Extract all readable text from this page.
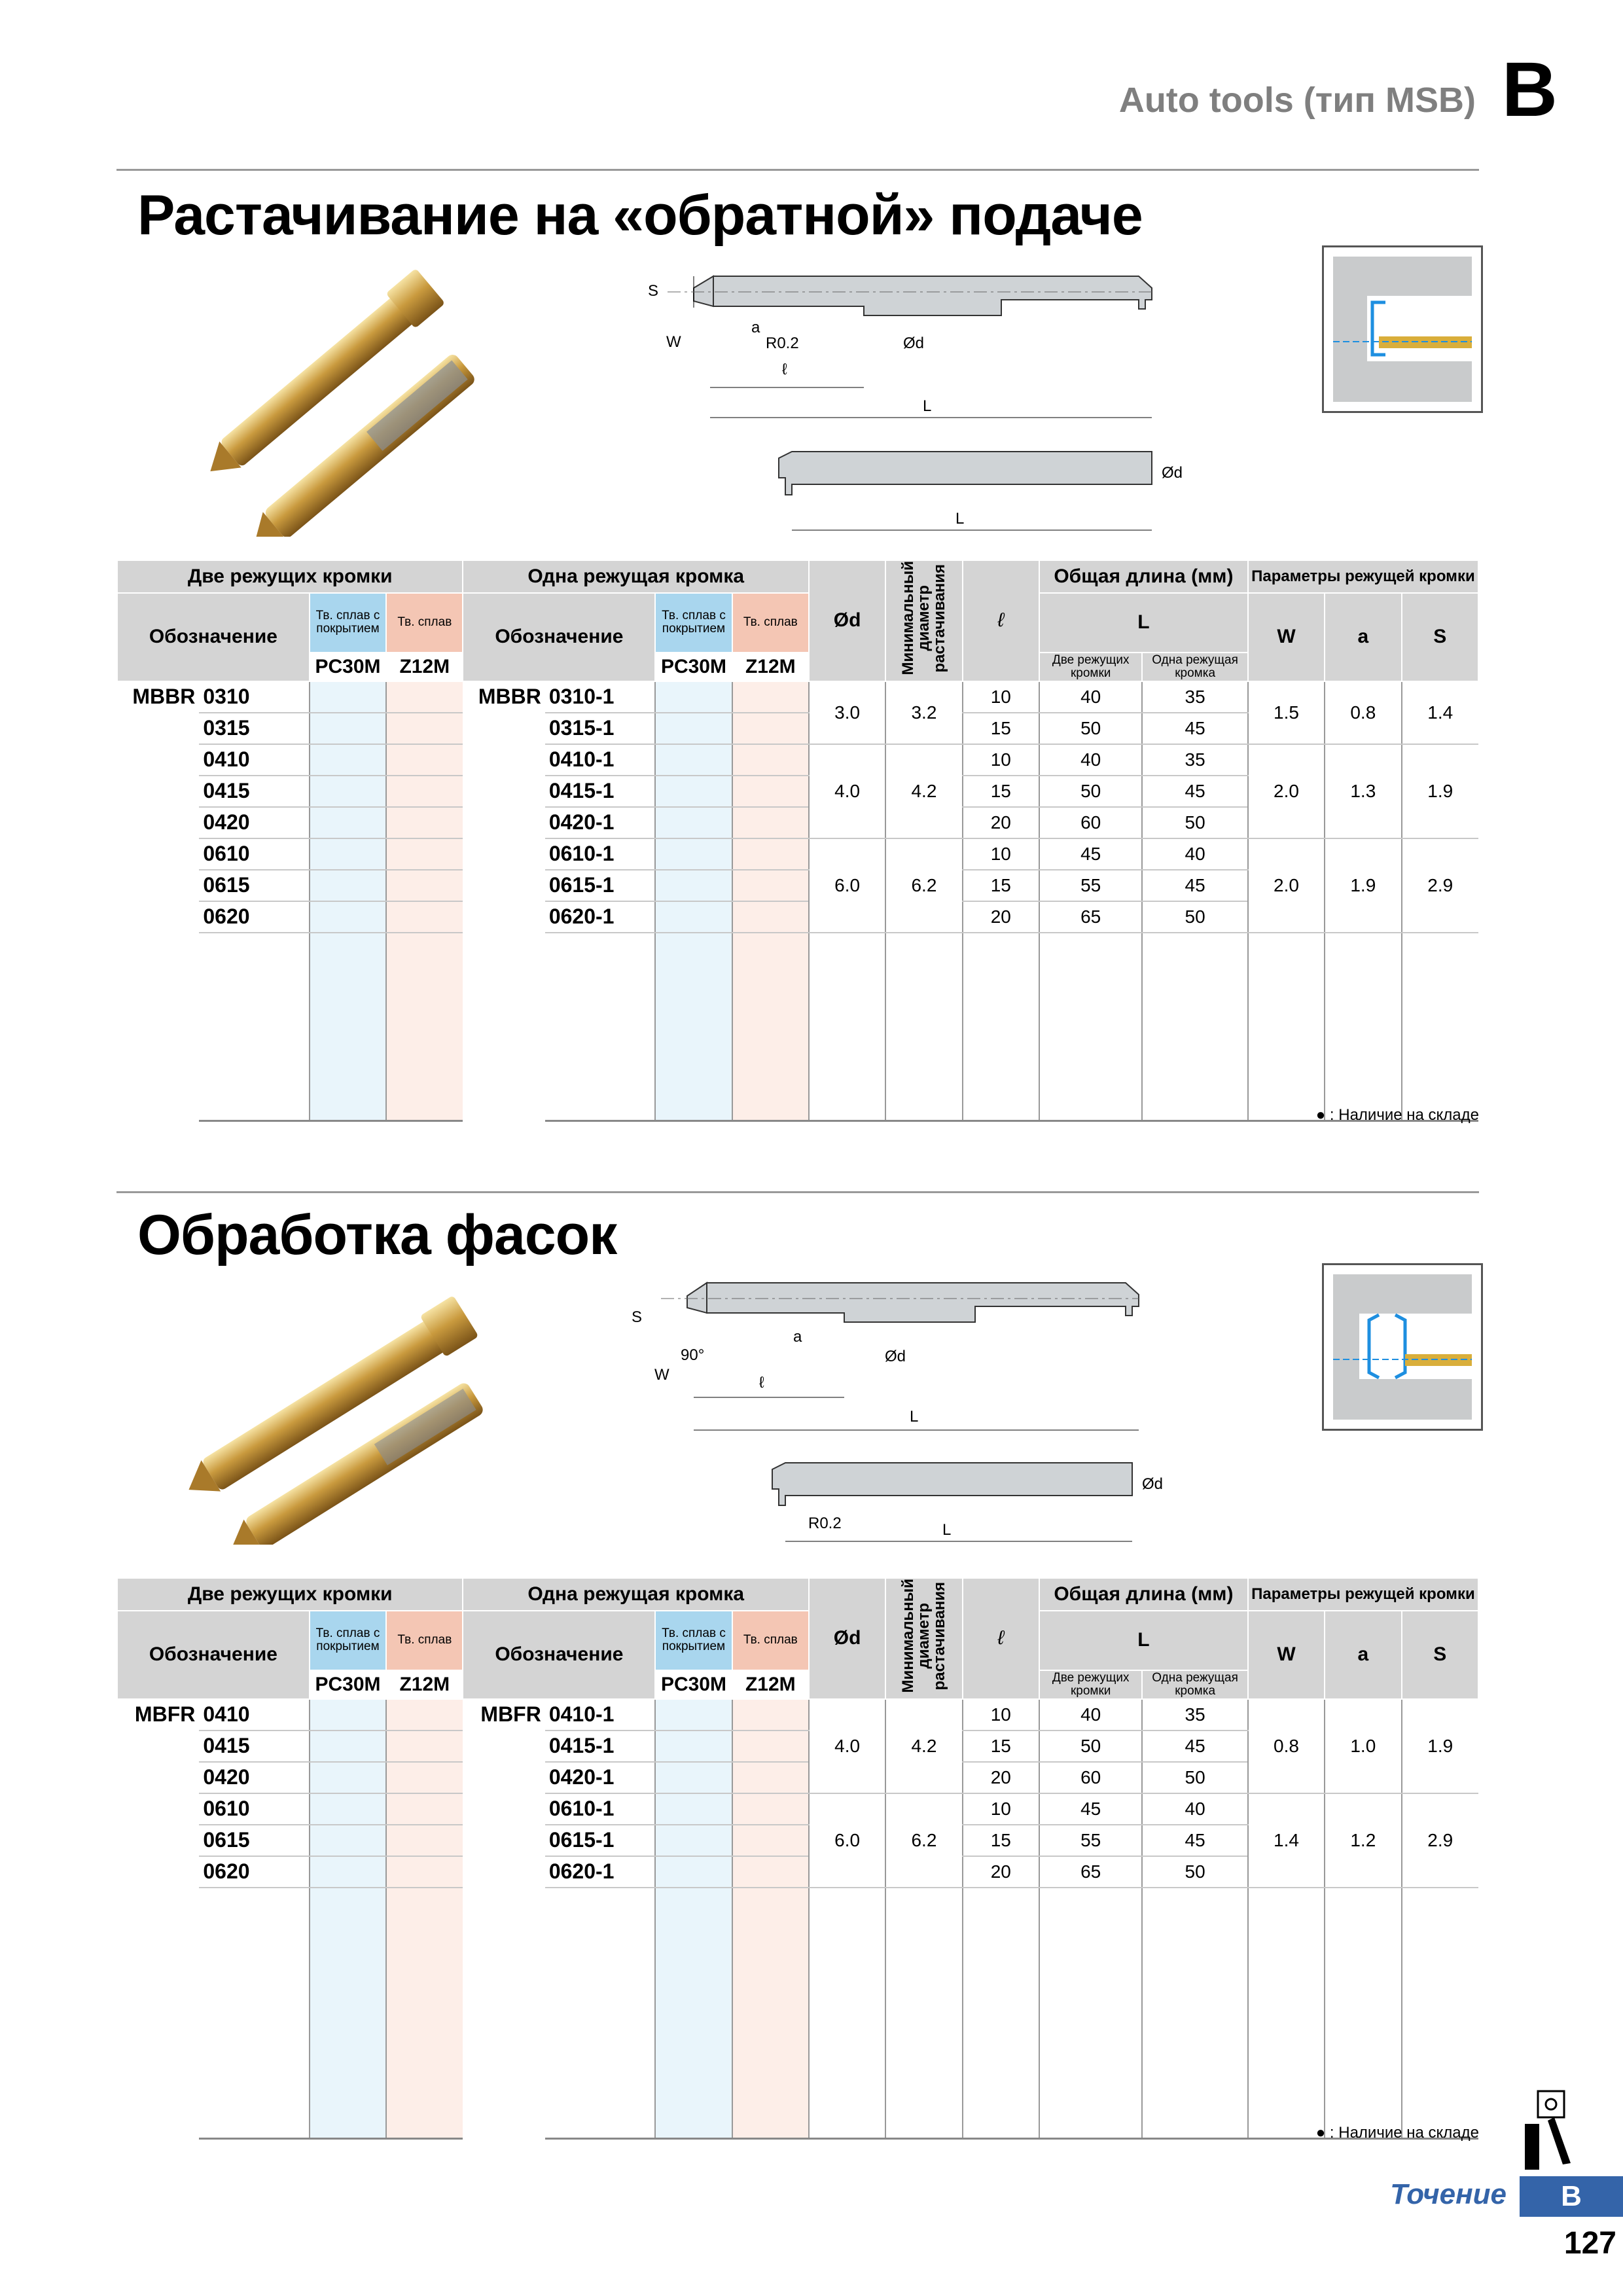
Auto tools (тип MSB) B
Растачивание на «обратной» подаче
S
W	R0.2
a
Ød
ℓ
L
Ød
L
Две режущих кромки				Одна режущая кромка				Ød	Минимальный диаметр растачивания	ℓ	Общая длина (мм)		Параметры режущей кромки		
Обозначение		Тв. сплав с покрытием	Тв. сплав	Обозначение		Тв. сплав с покрытием	Тв. сплав				L		W	a	S
		PC30M	Z12M			PC30M	Z12M				Две режущих кромки	Одна режущая кромка			
MBBR	0310			MBBR	0310-1			3.0	3.2	10	40	35	1.5	0.8	1.4
	0315				0315-1					15	50	45			
	0410				0410-1			4.0	4.2	10	40	35	2.0	1.3	1.9
	0415				0415-1					15	50	45			
	0420				0420-1					20	60	50			
	0610				0610-1			6.0	6.2	10	45	40	2.0	1.9	2.9
	0615				0615-1					15	55	45			
	0620				0620-1					20	65	50			

● : Наличие на складе
Обработка фасок
S
90°
W
a
Ød
ℓ
L
Ød
R0.2	L
Две режущих кромки				Одна режущая кромка				Ød	Минимальный диаметр растачивания	ℓ	Общая длина (мм)		Параметры режущей кромки		
Обозначение		Тв. сплав с покрытием	Тв. сплав	Обозначение		Тв. сплав с покрытием	Тв. сплав				L		W	a	S
		PC30M	Z12M			PC30M	Z12M				Две режущих кромки	Одна режущая кромка			
MBFR	0410			MBFR	0410-1			4.0	4.2	10	40	35	0.8	1.0	1.9
	0415				0415-1					15	50	45			
	0420				0420-1					20	60	50			
	0610				0610-1			6.0	6.2	10	45	40	1.4	1.2	2.9
	0615				0615-1					15	55	45			
	0620				0620-1					20	65	50			

● : Наличие на складе
Точение	B
127
